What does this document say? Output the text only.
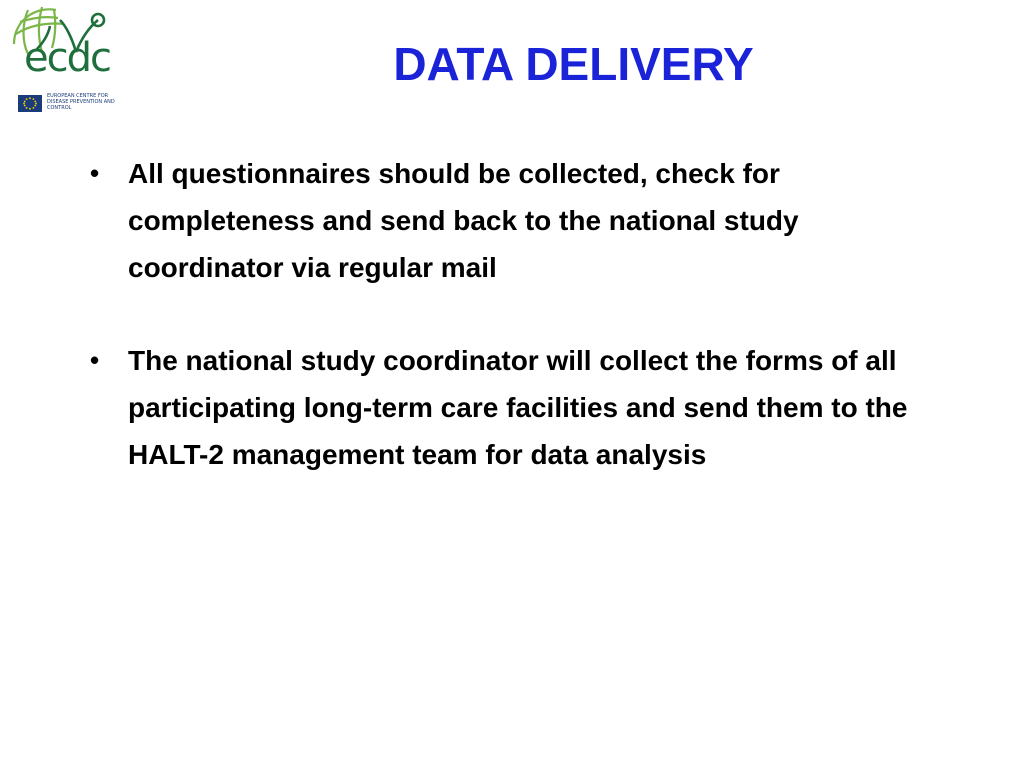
ecdc
EUROPEAN CENTRE FOR DISEASE PREVENTION AND CONTROL
DATA DELIVERY
•	All questionnaires should be collected, check for completeness and send back to the national study coordinator via regular mail
•	The national study coordinator will collect the forms of all participating long-term care facilities and send them to the HALT-2 management team for data analysis
